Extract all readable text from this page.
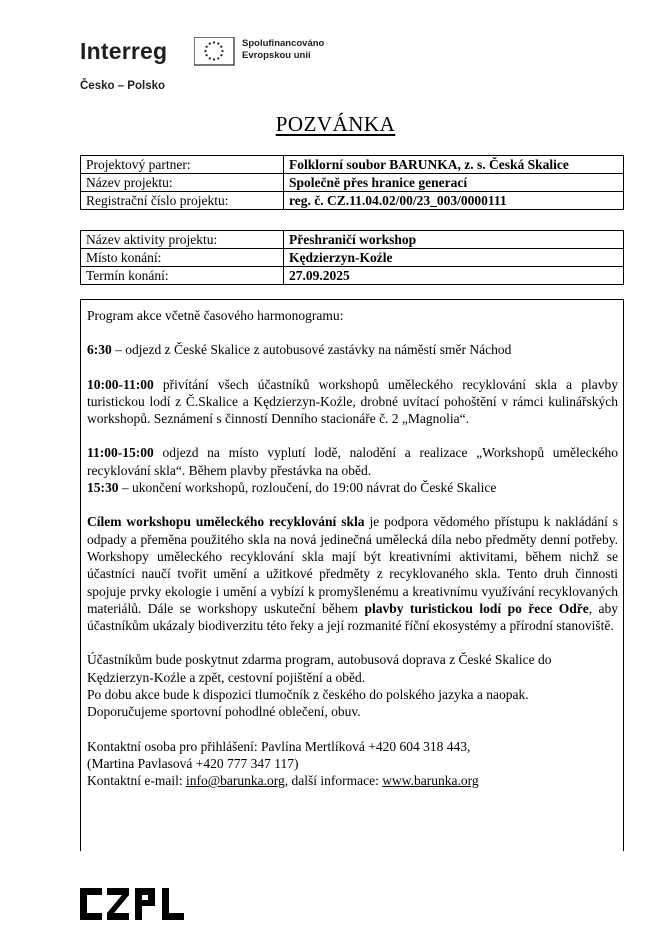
Interreg	Spolufinancováno
Evropskou unií
Česko – Polsko
POZVÁNKA
Projektový partner:	Folklorní soubor BARUNKA, z. s. Česká Skalice
Název projektu:	Společně přes hranice generací
Registrační číslo projektu:	reg. č. CZ.11.04.02/00/23_003/0000111
Název aktivity projektu:	Přeshraničí workshop
Místo konání:	Kędzierzyn-Koźle
Termín konání:	27.09.2025

Program akce včetně časového harmonogramu:

6:30 – odjezd z České Skalice z autobusové zastávky na náměstí směr Náchod

10:00-11:00 přivítání všech účastníků workshopů uměleckého recyklování skla a plavby turistickou lodí z Č.Skalice a Kędzierzyn-Koźle, drobné uvítací pohoštění v rámci kulinářských workshopů. Seznámení s činností Denního stacionáře č. 2 „Magnolia“.

11:00-15:00 odjezd na místo vyplutí lodě, nalodění a realizace „Workshopů uměleckého recyklování skla“. Během plavby přestávka na oběd.

15:30 – ukončení workshopů, rozloučení, do 19:00 návrat do České Skalice

Cílem workshopu uměleckého recyklování skla je podpora vědomého přístupu k nakládání s odpady a přeměna použitého skla na nová jedinečná umělecká díla nebo předměty denní potřeby. Workshopy uměleckého recyklování skla mají být kreativními aktivitami, během nichž se účastníci naučí tvořit umění a užitkové předměty z recyklovaného skla. Tento druh činnosti spojuje prvky ekologie i umění a vybízí k promyšlenému a kreativnímu využívání recyklovaných materiálů. Dále se workshopy uskuteční během plavby turistickou lodí po řece Odře, aby účastníkům ukázaly biodiverzitu této řeky a její rozmanité říční ekosystémy a přírodní stanoviště.

Účastníkům bude poskytnut zdarma program, autobusová doprava z České Skalice do Kędzierzyn-Koźle a zpět, cestovní pojištění a oběd.

Po dobu akce bude k dispozici tlumočník z českého do polského jazyka a naopak.

Doporučujeme sportovní pohodlné oblečení, obuv.

Kontaktní osoba pro přihlášení: Pavlína Mertlíková +420 604 318 443,

(Martina Pavlasová +420 777 347 117)

Kontaktní e-mail: info@barunka.org, další informace: www.barunka.org
